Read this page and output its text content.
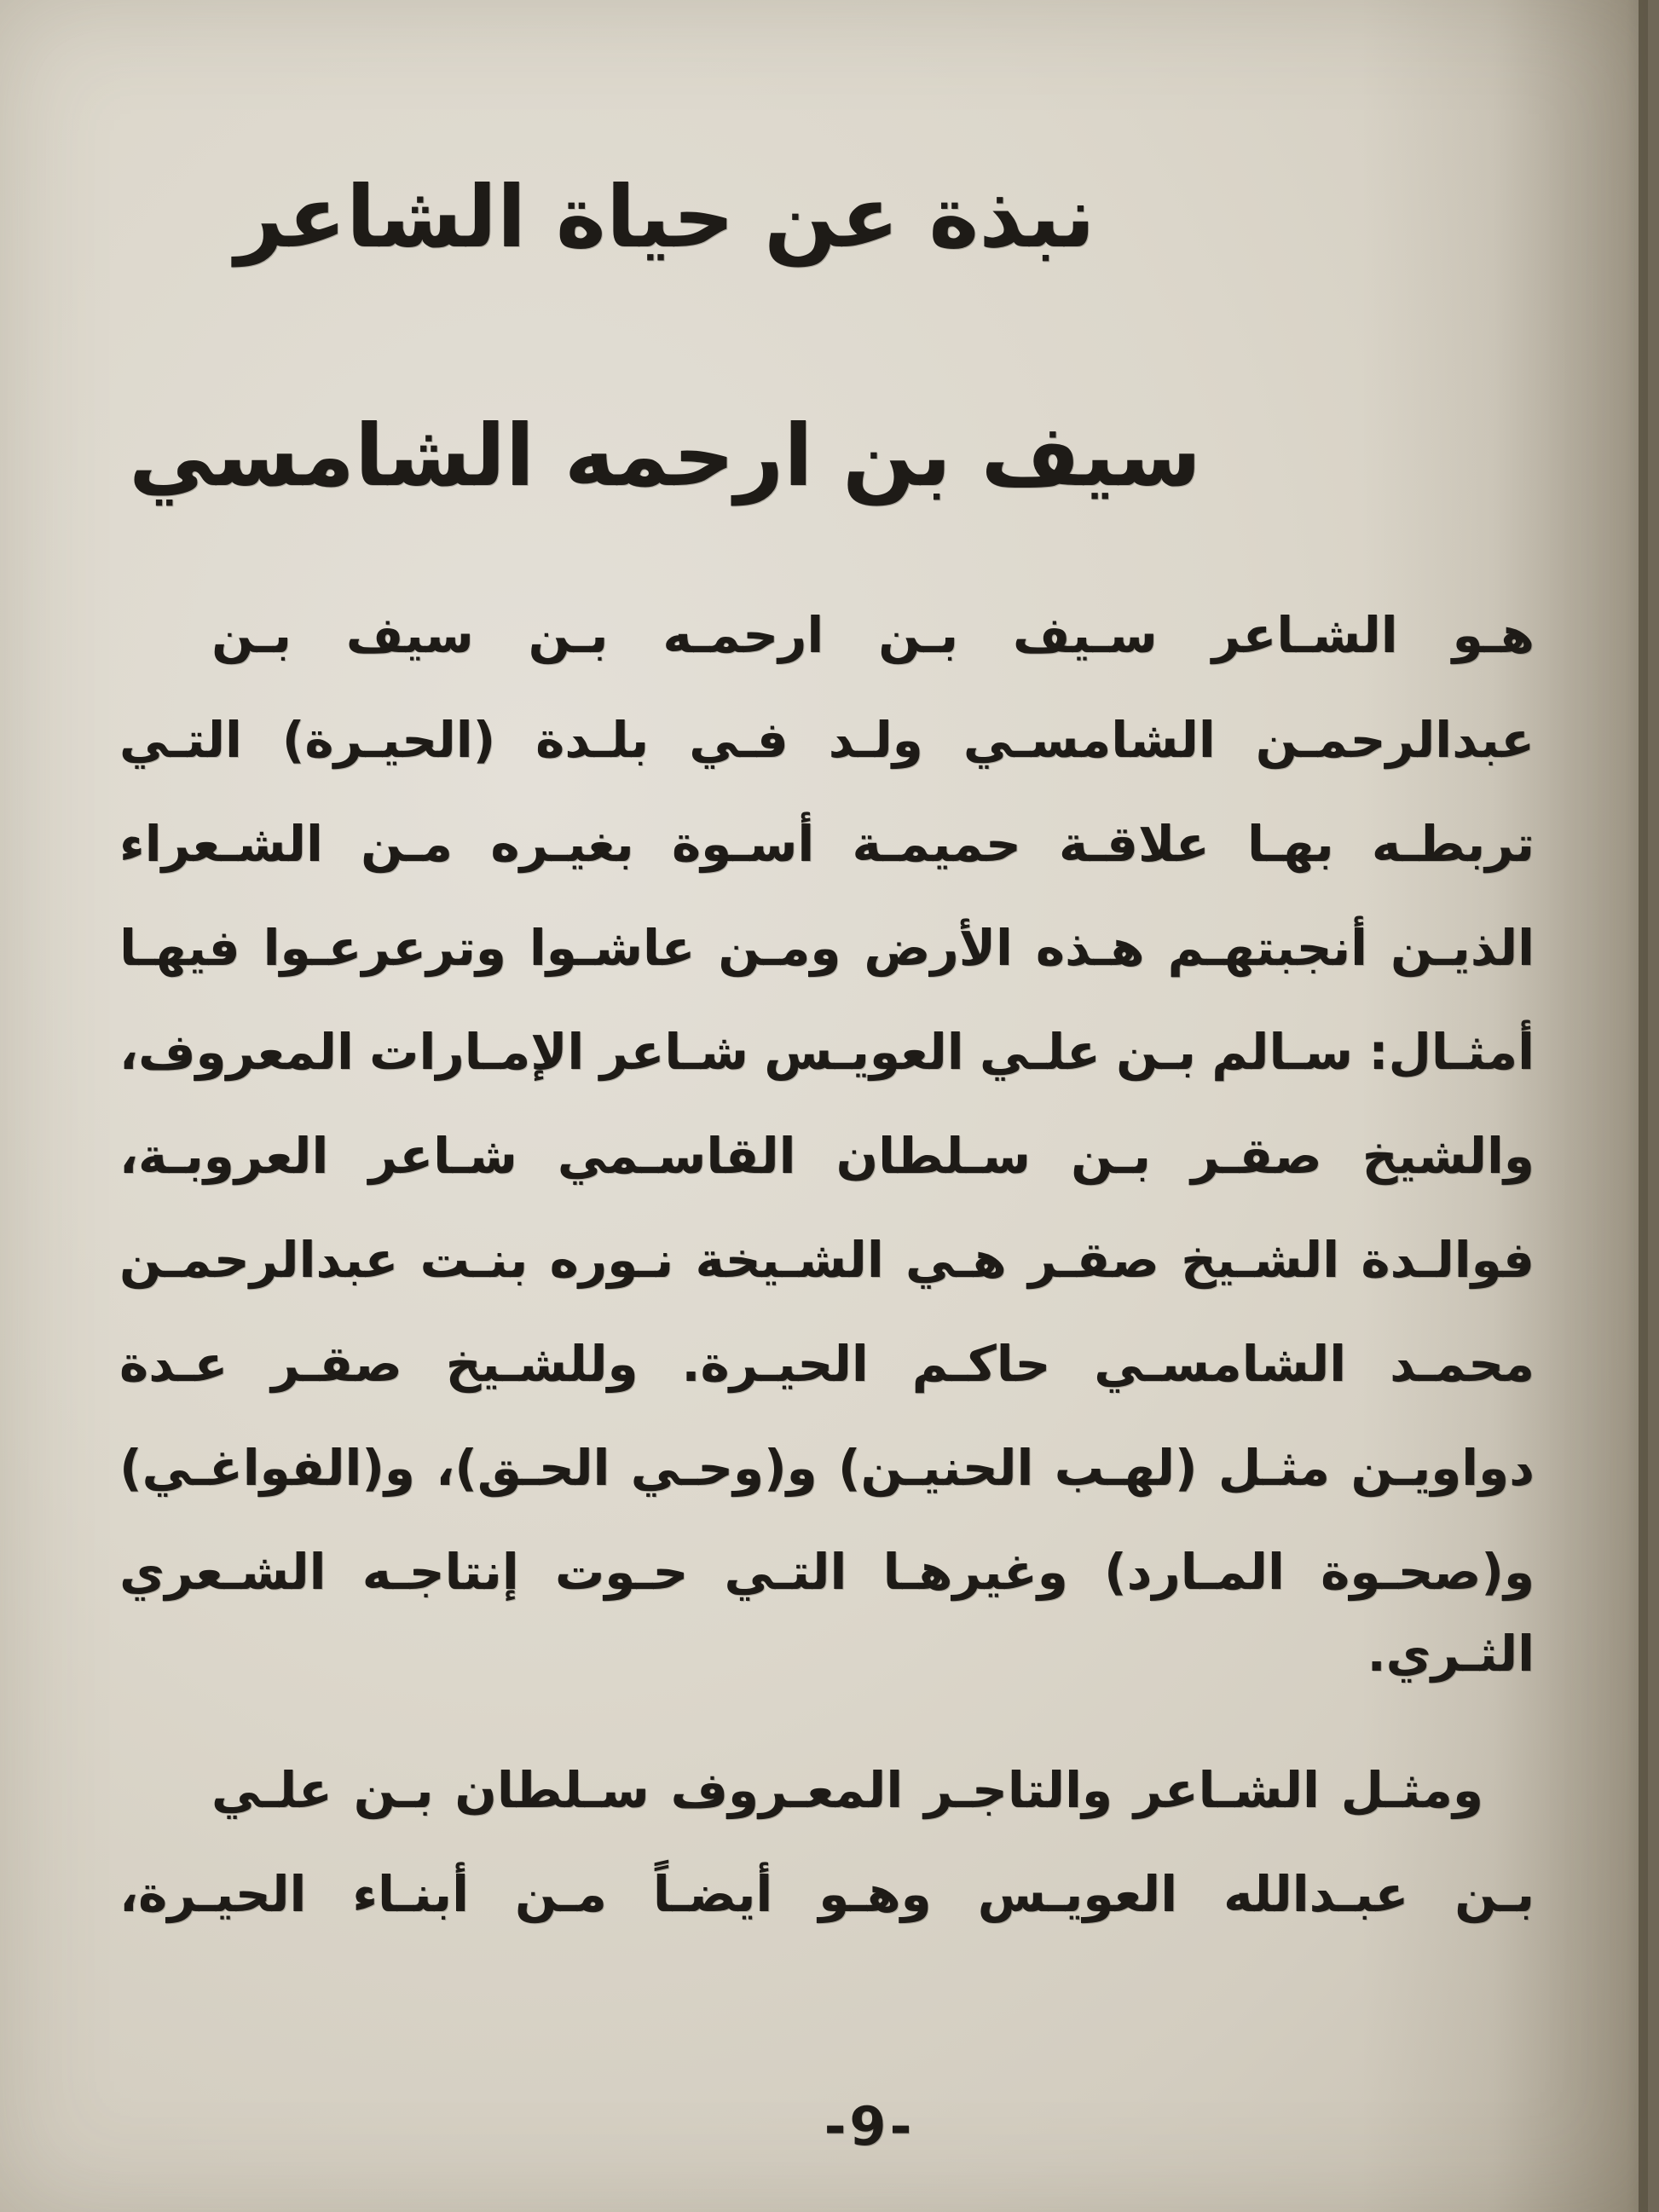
نبذة عن حياة الشاعر
سيف بن ارحمه الشامسي
هـو
الشـاعر
سـيف
بـن
ارحمـه
بـن
سيف
بـن
عبدالرحمـن
الشامسـي
ولـد
فـي
بلـدة
(الحيـرة)
التـي
تربطـه
بهـا
علاقـة
حميمـة
أسـوة
بغيـره
مـن
الشـعراء
الذيـن
أنجبتهـم
هـذه
الأرض
ومـن
عاشـوا
وترعرعـوا
فيهـا
أمثـال:
سـالم
بـن
علـي
العويـس
شـاعر
الإمـارات
المعروف،
والشيخ
صقـر
بـن
سـلطان
القاسـمي
شـاعر
العروبـة،
فوالـدة
الشـيخ
صقـر
هـي
الشـيخة
نـوره
بنـت
عبدالرحمـن
محمـد
الشامسـي
حاكـم
الحيـرة.
وللشـيخ
صقـر
عـدة
دواويـن
مثـل
(لهـب
الحنيـن)
و(وحـي
الحـق)،
و(الفواغـي)
و(صحـوة
المـارد)
وغيرهـا
التـي
حـوت
إنتاجـه
الشـعري
الثـري.
ومثـل
الشـاعر
والتاجـر
المعـروف
سـلطان
بـن
علـي
بـن
عبـدالله
العويـس
وهـو
أيضـاً
مـن
أبنـاء
الحيـرة،
-9-
